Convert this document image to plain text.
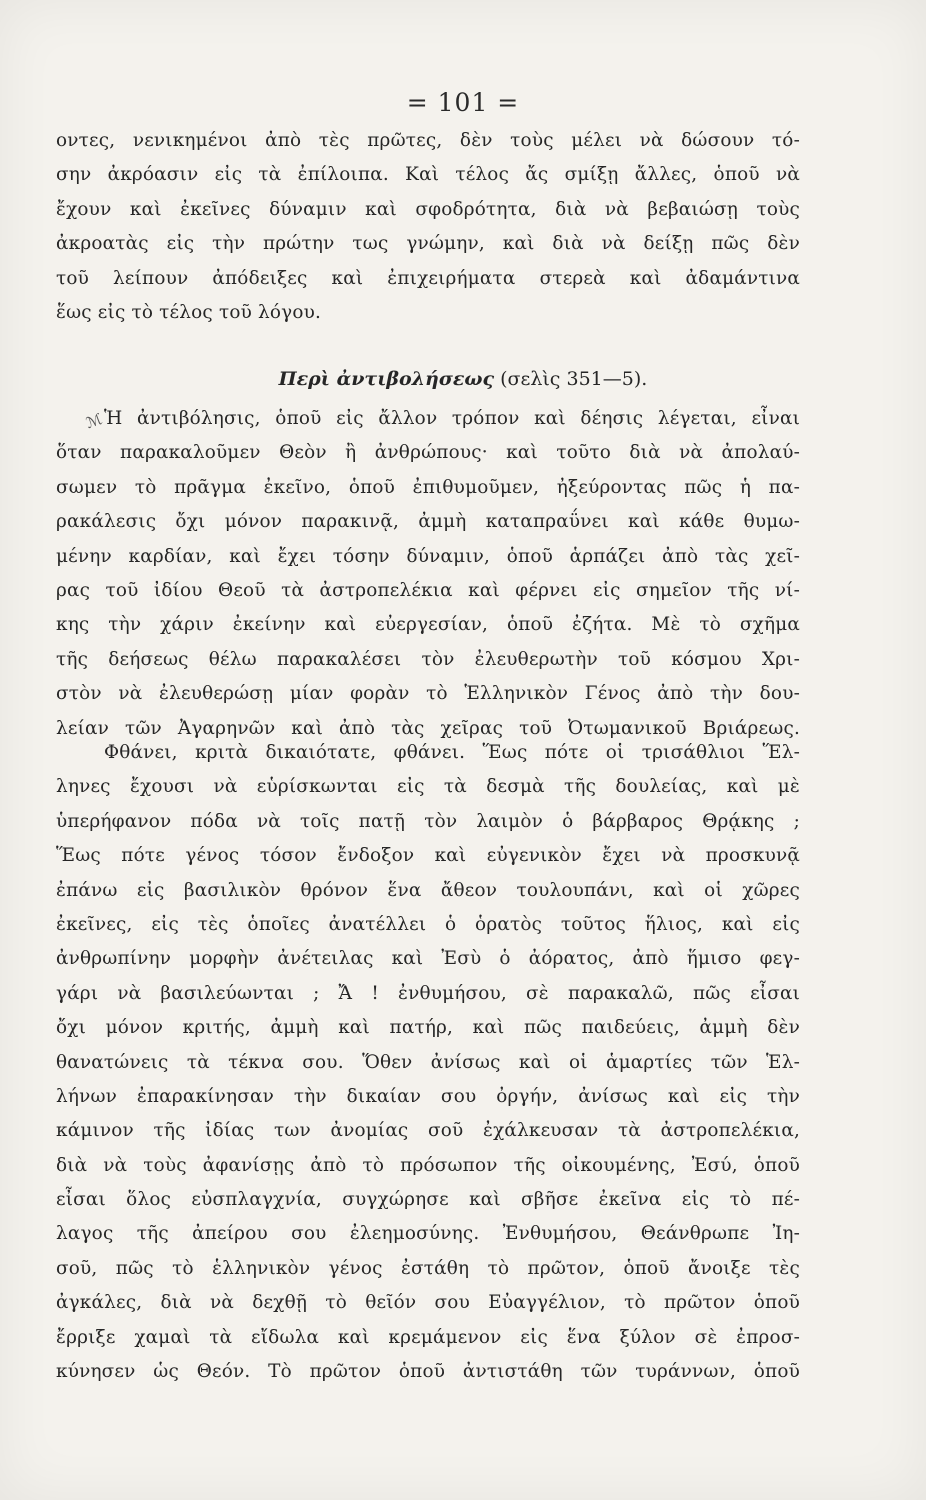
= 101 =
οντες, νενικημένοι ἀπὸ τὲς πρῶτες, δὲν τοὺς μέλει νὰ δώσουν τό-
σην ἀκρόασιν εἰς τὰ ἐπίλοιπα. Καὶ τέλος ἄς σμίξῃ ἄλλες, ὁποῦ νὰ
ἔχουν καὶ ἐκεῖνες δύναμιν καὶ σφοδρότητα, διὰ νὰ βεβαιώσῃ τοὺς
ἀκροατὰς εἰς τὴν πρώτην τως γνώμην, καὶ διὰ νὰ δείξῃ πῶς δὲν
τοῦ λείπουν ἀπόδειξες καὶ ἐπιχειρήματα στερεὰ καὶ ἀδαμάντινα
ἕως εἰς τὸ τέλος τοῦ λόγου.
Περὶ ἀντιβολήσεως (σελὶς 351—5).
ℳ Ἡ ἀντιβόλησις, ὁποῦ εἰς ἄλλον τρόπον καὶ δέησις λέγεται, εἶναι
ὅταν παρακαλοῦμεν Θεὸν ἢ ἀνθρώπους· καὶ τοῦτο διὰ νὰ ἀπολαύ-
σωμεν τὸ πρᾶγμα ἐκεῖνο, ὁποῦ ἐπιθυμοῦμεν, ἠξεύροντας πῶς ἡ πα-
ρακάλεσις ὄχι μόνον παρακινᾷ, ἀμμὴ καταπραΰνει καὶ κάθε θυμω-
μένην καρδίαν, καὶ ἔχει τόσην δύναμιν, ὁποῦ ἁρπάζει ἀπὸ τὰς χεῖ-
ρας τοῦ ἰδίου Θεοῦ τὰ ἀστροπελέκια καὶ φέρνει εἰς σημεῖον τῆς νί-
κης τὴν χάριν ἐκείνην καὶ εὐεργεσίαν, ὁποῦ ἐζήτα. Μὲ τὸ σχῆμα
τῆς δεήσεως θέλω παρακαλέσει τὸν ἐλευθερωτὴν τοῦ κόσμου Χρι-
στὸν νὰ ἐλευθερώσῃ μίαν φορὰν τὸ Ἑλληνικὸν Γένος ἀπὸ τὴν δου-
λείαν τῶν Ἀγαρηνῶν καὶ ἀπὸ τὰς χεῖρας τοῦ Ὀτωμανικοῦ Βριάρεως.
Φθάνει, κριτὰ δικαιότατε, φθάνει. Ἕως πότε οἱ τρισάθλιοι Ἕλ-
ληνες ἔχουσι νὰ εὑρίσκωνται εἰς τὰ δεσμὰ τῆς δουλείας, καὶ μὲ
ὑπερήφανον πόδα νὰ τοῖς πατῇ τὸν λαιμὸν ὁ βάρβαρος Θρᾴκης ;
Ἕως πότε γένος τόσον ἔνδοξον καὶ εὐγενικὸν ἔχει νὰ προσκυνᾷ
ἐπάνω εἰς βασιλικὸν θρόνον ἕνα ἄθεον τουλουπάνι, καὶ οἱ χῶρες
ἐκεῖνες, εἰς τὲς ὁποῖες ἀνατέλλει ὁ ὁρατὸς τοῦτος ἥλιος, καὶ εἰς
ἀνθρωπίνην μορφὴν ἀνέτειλας καὶ Ἐσὺ ὁ ἀόρατος, ἀπὸ ἥμισο φεγ-
γάρι νὰ βασιλεύωνται ; Ἄ ! ἐνθυμήσου, σὲ παρακαλῶ, πῶς εἶσαι
ὄχι μόνον κριτής, ἀμμὴ καὶ πατήρ, καὶ πῶς παιδεύεις, ἀμμὴ δὲν
θανατώνεις τὰ τέκνα σου. Ὅθεν ἀνίσως καὶ οἱ ἁμαρτίες τῶν Ἑλ-
λήνων ἐπαρακίνησαν τὴν δικαίαν σου ὀργήν, ἀνίσως καὶ εἰς τὴν
κάμινον τῆς ἰδίας των ἀνομίας σοῦ ἐχάλκευσαν τὰ ἀστροπελέκια,
διὰ νὰ τοὺς ἀφανίσῃς ἀπὸ τὸ πρόσωπον τῆς οἰκουμένης, Ἐσύ, ὁποῦ
εἶσαι ὅλος εὐσπλαγχνία, συγχώρησε καὶ σβῆσε ἐκεῖνα εἰς τὸ πέ-
λαγος τῆς ἀπείρου σου ἐλεημοσύνης. Ἐνθυμήσου, Θεάνθρωπε Ἰη-
σοῦ, πῶς τὸ ἑλληνικὸν γένος ἐστάθη τὸ πρῶτον, ὁποῦ ἄνοιξε τὲς
ἀγκάλες, διὰ νὰ δεχθῇ τὸ θεῖόν σου Εὐαγγέλιον, τὸ πρῶτον ὁποῦ
ἔρριξε χαμαὶ τὰ εἴδωλα καὶ κρεμάμενον εἰς ἕνα ξύλον σὲ ἐπροσ-
κύνησεν ὡς Θεόν. Τὸ πρῶτον ὁποῦ ἀντιστάθη τῶν τυράννων, ὁποῦ
